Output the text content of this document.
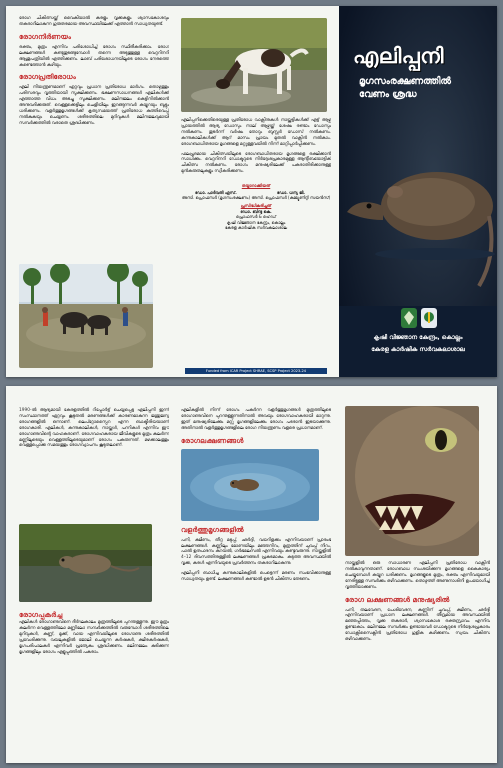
രോഗ ചികിത്സയ്ക്ക് വൈകിയാൽ കരളും വൃക്കകളും ശ്വാസകോശവും തകരാറിലാകുന്ന ഗുരുതരമായ അവസ്ഥയിലേക്ക് എത്താൻ സാധ്യതയുണ്ട്.
രോഗനിർണയം
രക്തം, മൂത്രം എന്നിവ പരിശോധിച്ച് രോഗം സ്ഥിരീകരിക്കാം. രോഗ ലക്ഷണങ്ങൾ കണ്ടുതുടങ്ങുമ്പോൾ തന്നെ അടുത്തുള്ള വെറ്ററിനറി ആശുപത്രിയിൽ എത്തിക്കണം. ലാബ് പരിശോധനയിലൂടെ രോഗം നേരത്തെ കണ്ടെത്താൻ കഴിയും.
രോഗപ്രതിരോധം
എലി നിയന്ത്രണമാണ് ഏറ്റവും പ്രധാന പ്രതിരോധ മാർഗം. തൊഴുത്തും പരിസരവും വൃത്തിയായി സൂക്ഷിക്കണം. ഭക്ഷണസാധനങ്ങൾ എലികൾക്ക് എത്താത്ത വിധം അടച്ചു സൂക്ഷിക്കണം. മലിനജലം കെട്ടിനിൽക്കാൻ അനുവദിക്കരുത്. വെള്ളക്കെട്ടിലും ചെളിയിലും ഇറങ്ങുന്നവർ കയ്യുറയും ബൂട്ടും ധരിക്കണം. വളർത്തുമൃഗങ്ങൾക്ക് കൃത്യസമയത്ത് പ്രതിരോധ കുത്തിവെപ്പ് നൽകുകയും ചെയ്യണം. ശരീരത്തിലെ മുറിവുകൾ മലിനജലവുമായി സമ്പർക്കത്തിൽ വരാതെ ശ്രദ്ധിക്കണം.
എലിപ്പനിക്കെതിരെയുള്ള പ്രതിരോധ വാക്സിനുകൾ നായ്ക്കുട്ടികൾക്ക് എട്ട് ആഴ്ച പ്രായത്തിൽ ആദ്യ ഡോസും നാല് ആഴ്ചയ്ക്ക് ശേഷം രണ്ടാം ഡോസും നൽകണം. തുടർന്ന് വർഷം തോറും ബൂസ്റ്റർ ഡോസ് നൽകണം. കന്നുകാലികൾക്ക് ആറ് മാസം പ്രായം മുതൽ വാക്സിൻ നൽകാം. രോഗബാധിതരായ മൃഗങ്ങളെ മറ്റുള്ളവയിൽ നിന്ന് മാറ്റിപ്പാർപ്പിക്കണം.
ഫലപ്രദമായ ചികിത്സയിലൂടെ രോഗബാധിതരായ മൃഗങ്ങളെ രക്ഷിക്കാൻ സാധിക്കും. വെറ്ററിനറി ഡോക്ടറുടെ നിർദ്ദേശപ്രകാരമുള്ള ആന്റിബയോട്ടിക് ചികിത്സ നൽകണം. രോഗം മനുഷ്യരിലേക്ക് പകരാതിരിക്കാനുള്ള മുൻകരുതലുകളും സ്വീകരിക്കണം.
തയ്യാറാക്കിയത്
ഡോ. പാർവതി എസ്.
അസി. പ്രൊഫസർ (മൃഗസംരക്ഷണം)
ഡോ. ധന്യ ജി.
അസി. പ്രൊഫസർ (കമ്മ്യൂണിറ്റി സയൻസ്)
പ്രസിദ്ധീകരിച്ചത്
ഡോ. ബിന്ദു കെ.
പ്രൊഫസർ & ഹെഡ്
കൃഷി വിജ്ഞാന കേന്ദ്രം, കൊല്ലം
കേരള കാർഷിക സർവകലാശാല
Funded from ICAR Project SHRAE, SCSP Project 2023-24
എലിപ്പനി
മൃഗസംരക്ഷണത്തിൽ
വേണം ശ്രദ്ധ
കൃഷി വിജ്ഞാന കേന്ദ്രം, കൊല്ലം
കേരള കാർഷിക സർവകലാശാല
1990-ൽ ആദ്യമായി കേരളത്തിൽ റിപ്പോർട്ട് ചെയ്യപ്പെട്ട എലിപ്പനി ഇന്ന് സംസ്ഥാനത്ത് ഏറ്റവും കൂടുതൽ മരണങ്ങൾക്ക് കാരണമാകുന്ന ജന്തുജന്യ രോഗങ്ങളിൽ ഒന്നാണ്. ലെപ്റ്റോസ്പൈറ എന്ന ബാക്ടീരിയയാണ് രോഗകാരി. എലികൾ, കന്നുകാലികൾ, നായ്ക്കൾ, പന്നികൾ എന്നിവ ഈ രോഗാണുവിന്റെ വാഹകരാണ്. രോഗവാഹകരായ ജീവികളുടെ മൂത്രം കലർന്ന മണ്ണിലൂടെയും വെള്ളത്തിലൂടെയുമാണ് രോഗം പകരുന്നത്. മഴക്കാലത്തും വെള്ളപ്പൊക്ക സമയത്തും രോഗവ്യാപനം കൂടുതലാണ്.
രോഗപ്പകർച്ച
എലികൾ രോഗാണുവിനെ ദീർഘകാലം മൂത്രത്തിലൂടെ പുറന്തള്ളുന്നു. ഈ മൂത്രം കലർന്ന വെള്ളത്തിലോ മണ്ണിലോ സമ്പർക്കത്തിൽ വരുമ്പോൾ ശരീരത്തിലെ മുറിവുകൾ, കണ്ണ്, മൂക്ക്, വായ എന്നിവയിലൂടെ രോഗാണു ശരീരത്തിൽ പ്രവേശിക്കുന്നു. വയലുകളിൽ ജോലി ചെയ്യുന്ന കർഷകർ, ക്ഷീരകർഷകർ, മൃഗപരിപാലകർ എന്നിവർ പ്രത്യേകം ശ്രദ്ധിക്കണം. മലിനജലം കുടിക്കുന്ന മൃഗങ്ങളിലും രോഗം എളുപ്പത്തിൽ പകരാം.
എലികളിൽ നിന്ന് രോഗം പകർന്ന വളർത്തുമൃഗങ്ങൾ മൂത്രത്തിലൂടെ രോഗാണുവിനെ പുറന്തള്ളുന്നതിനാൽ അവയും രോഗവാഹകരായി മാറുന്നു. ഇത് മനുഷ്യരിലേക്കും മറ്റു മൃഗങ്ങളിലേക്കും രോഗം പടരാൻ ഇടയാക്കുന്നു. അതിനാൽ വളർത്തുമൃഗങ്ങളിലെ രോഗ നിയന്ത്രണം വളരെ പ്രധാനമാണ്.
രോഗലക്ഷണങ്ങൾ
വളർത്തുമൃഗങ്ങളിൽ
പനി, ക്ഷീണം, തീറ്റ മടുപ്പ്, ഛർദ്ദി, വയറിളക്കം എന്നിവയാണ് പ്രാരംഭ ലക്ഷണങ്ങൾ. കണ്ണിലും മോണയിലും മഞ്ഞനിറം, മൂത്രത്തിന് ചുവപ്പ് നിറം, പാൽ ഉത്പാദനം കുറയൽ, ഗർഭമലസൽ എന്നിവയും കണ്ടുവരുന്നു. നായ്ക്കളിൽ 4–12 ദിവസത്തിനുള്ളിൽ ലക്ഷണങ്ങൾ പ്രകടമാകും. കടുത്ത അവസ്ഥയിൽ വൃക്ക, കരൾ എന്നിവയുടെ പ്രവർത്തനം തകരാറിലാകുന്നു.
എലിപ്പനി ബാധിച്ച കന്നുകാലികളിൽ പെട്ടെന്ന് മരണം സംഭവിക്കാനുള്ള സാധ്യതയും ഉണ്ട്. ലക്ഷണങ്ങൾ കണ്ടാൽ ഉടൻ ചികിത്സ തേടണം.
നായ്ക്കളിൽ ഒരു സാധാരണ എലിപ്പനി പ്രതിരോധ വാക്സിൻ നൽകാവുന്നതാണ്. രോഗബാധ സംശയിക്കുന്ന മൃഗങ്ങളെ കൈകാര്യം ചെയ്യുമ്പോൾ കയ്യുറ ധരിക്കണം. മൃഗങ്ങളുടെ മൂത്രം, രക്തം എന്നിവയുമായി നേരിട്ടുള്ള സമ്പർക്കം ഒഴിവാക്കണം. തൊഴുത്ത് അണുനാശിനി ഉപയോഗിച്ച് വൃത്തിയാക്കണം.
രോഗ ലക്ഷണങ്ങൾ മനുഷ്യരിൽ
പനി, തലവേദന, പേശിവേദന, കണ്ണിന് ചുവപ്പ്, ക്ഷീണം, ഛർദ്ദി എന്നിവയാണ് പ്രധാന ലക്ഷണങ്ങൾ. തീവ്രമായ അവസ്ഥയിൽ മഞ്ഞപ്പിത്തം, വൃക്ക തകരാർ, ശ്വാസകോശ രക്തസ്രാവം എന്നിവ ഉണ്ടാകാം. മലിനജല സമ്പർക്കം ഉണ്ടായവർ ഡോക്ടറുടെ നിർദ്ദേശപ്രകാരം ഡോക്സിസൈക്ലിൻ പ്രതിരോധ ഗുളിക കഴിക്കണം. സ്വയം ചികിത്സ ഒഴിവാക്കണം.
